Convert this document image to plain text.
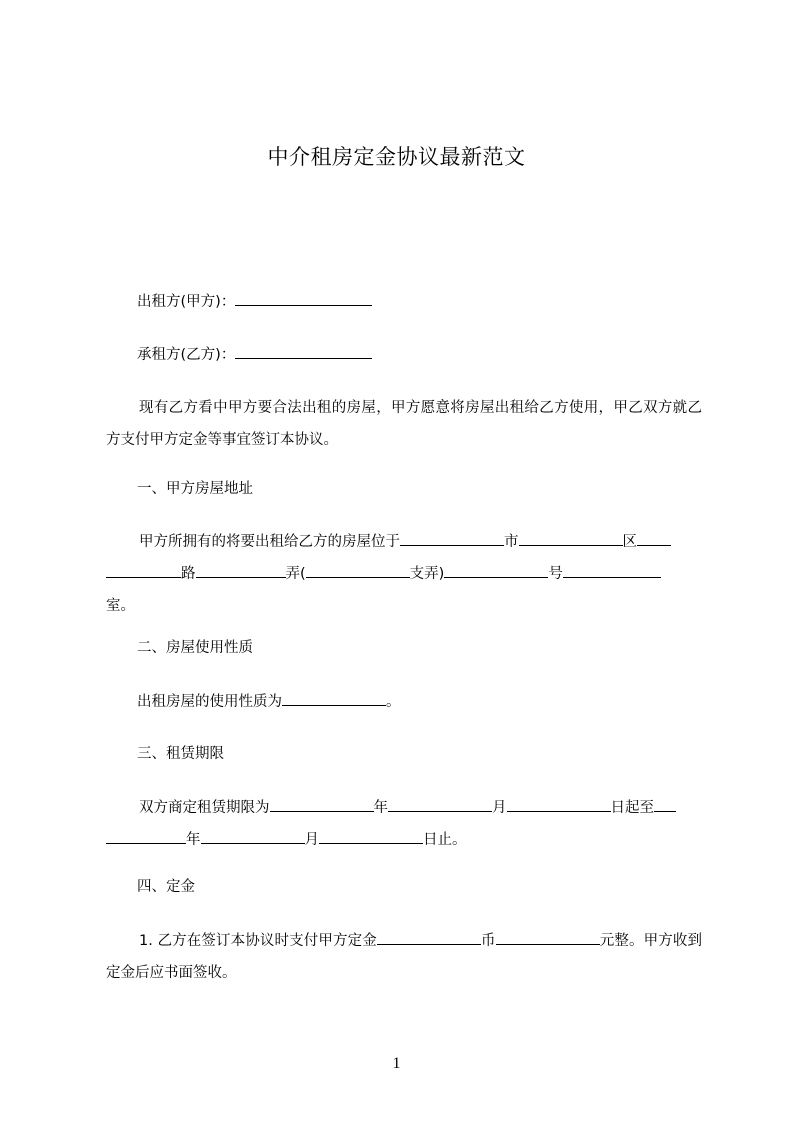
中介租房定金协议最新范文
出租方(甲方)：
承租方(乙方)：
现有乙方看中甲方要合法出租的房屋，甲方愿意将房屋出租给乙方使用，甲乙双方就乙方支付甲方定金等事宜签订本协议。
一、甲方房屋地址
甲方所拥有的将要出租给乙方的房屋位于	市	区
路	弄(	支弄)	号
室。
二、房屋使用性质
出租房屋的使用性质为	。
三、租赁期限
双方商定租赁期限为	年	月	日起至
年	月	日止。
四、定金
1. 乙方在签订本协议时支付甲方定金	币	元整。甲方收到定金后应书面签收。
1
